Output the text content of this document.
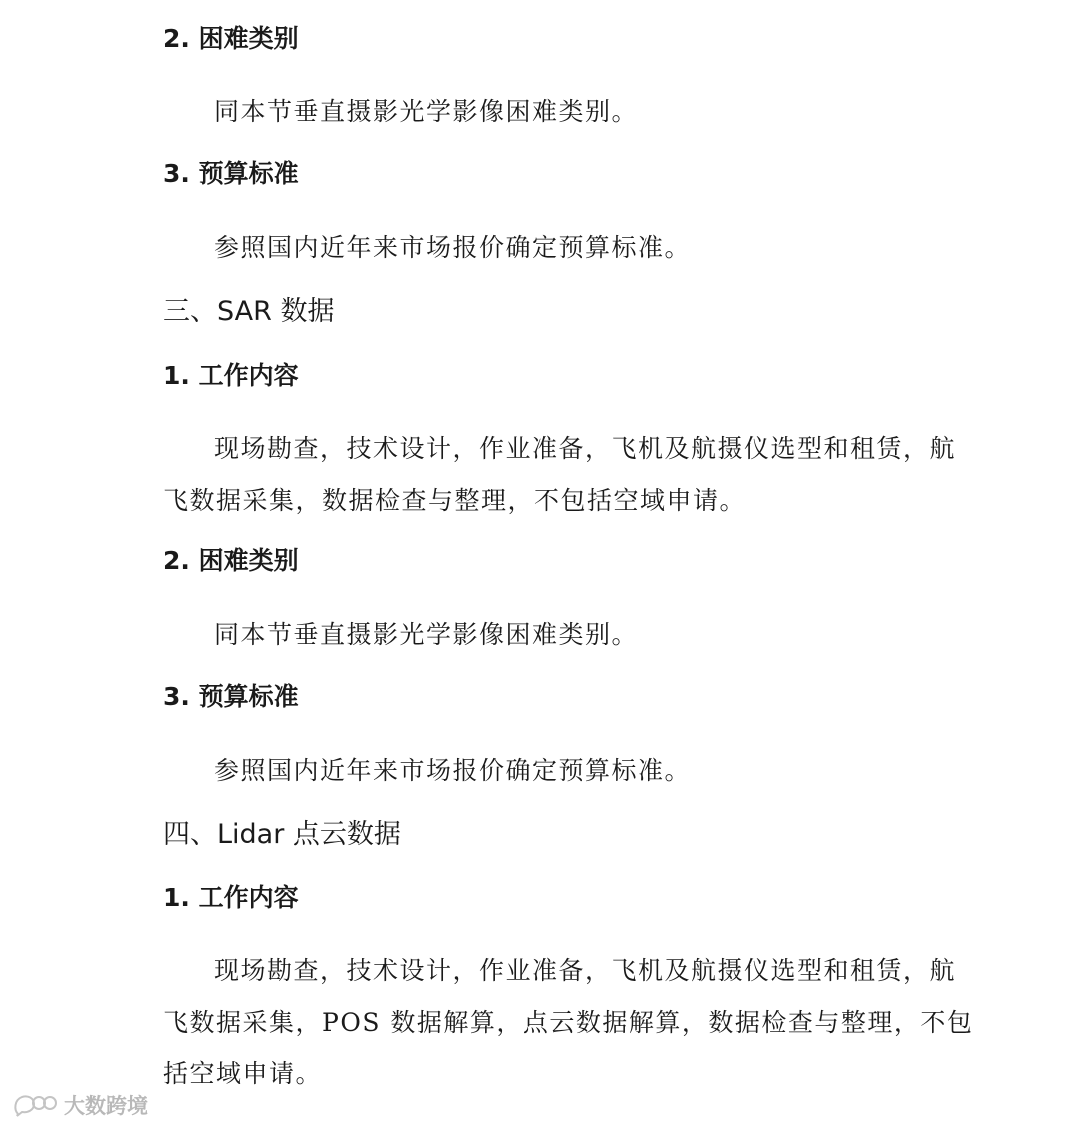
2. 困难类别
同本节垂直摄影光学影像困难类别。
3. 预算标准
参照国内近年来市场报价确定预算标准。
三、SAR 数据
1. 工作内容
现场勘查，技术设计，作业准备，飞机及航摄仪选型和租赁，航
飞数据采集，数据检查与整理，不包括空域申请。
2. 困难类别
同本节垂直摄影光学影像困难类别。
3. 预算标准
参照国内近年来市场报价确定预算标准。
四、Lidar 点云数据
1. 工作内容
现场勘查，技术设计，作业准备，飞机及航摄仪选型和租赁，航
飞数据采集，POS 数据解算，点云数据解算，数据检查与整理，不包
括空域申请。
大数跨境
